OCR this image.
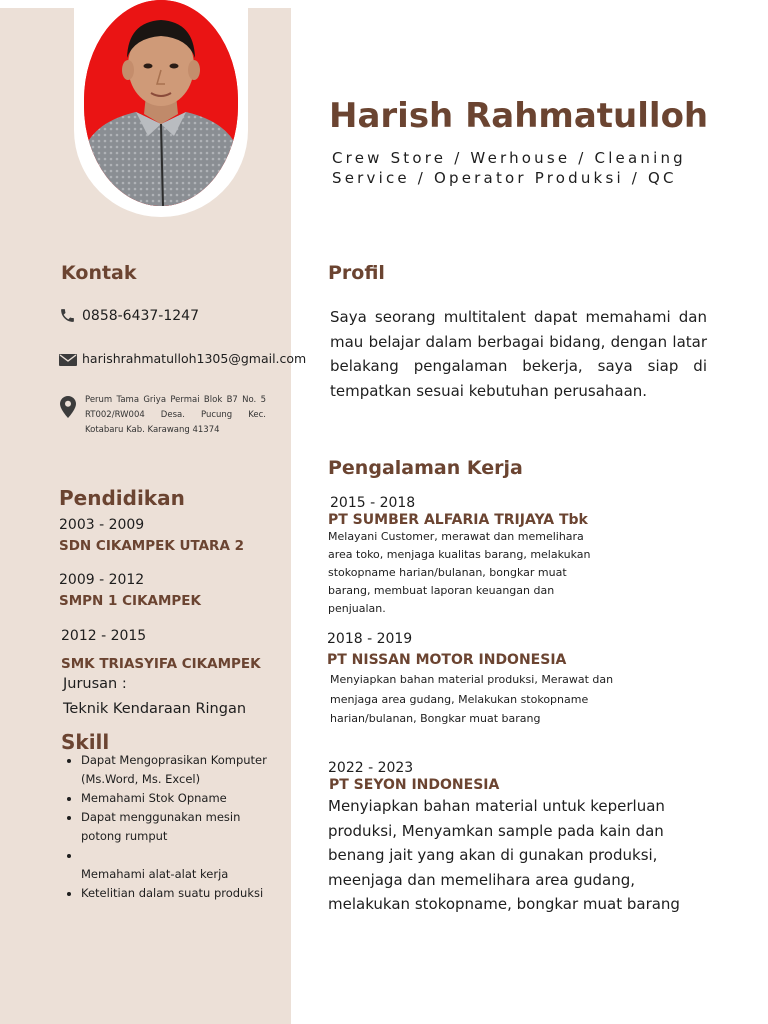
Harish Rahmatulloh

Crew Store / Werhouse / Cleaning Service / Operator Produksi / QC

Kontak
0858-6437-1247
harishrahmatulloh1305@gmail.com

Perum Tama Griya Permai Blok B7 No. 5 RT002/RW004 Desa. Pucung Kec. Kotabaru Kab. Karawang 41374

Pendidikan
2003 - 2009
SDN CIKAMPEK UTARA 2
2009 - 2012
SMPN 1 CIKAMPEK
2012 - 2015
SMK TRIASYIFA CIKAMPEK
Jurusan :
Teknik Kendaraan Ringan
Skill
• Dapat Mengoprasikan Komputer (Ms.Word, Ms. Excel)
• Memahami Stok Opname
• Dapat menggunakan mesin potong rumput
•
Memahami alat-alat kerja
• Ketelitian dalam suatu produksi
Profil

Saya seorang multitalent dapat memahami dan mau belajar dalam berbagai bidang, dengan latar belakang pengalaman bekerja, saya siap di tempatkan sesuai kebutuhan perusahaan.

Pengalaman Kerja
2015 - 2018
PT SUMBER ALFARIA TRIJAYA Tbk

Melayani Customer, merawat dan memelihara area toko, menjaga kualitas barang, melakukan stokopname harian/bulanan, bongkar muat barang, membuat laporan keuangan dan penjualan.

2018 - 2019
PT NISSAN MOTOR INDONESIA

Menyiapkan bahan material produksi, Merawat dan menjaga area gudang, Melakukan stokopname harian/bulanan, Bongkar muat barang

2022 - 2023
PT SEYON INDONESIA

Menyiapkan bahan material untuk keperluan produksi, Menyamkan sample pada kain dan benang jait yang akan di gunakan produksi, meenjaga dan memelihara area gudang, melakukan stokopname, bongkar muat barang
